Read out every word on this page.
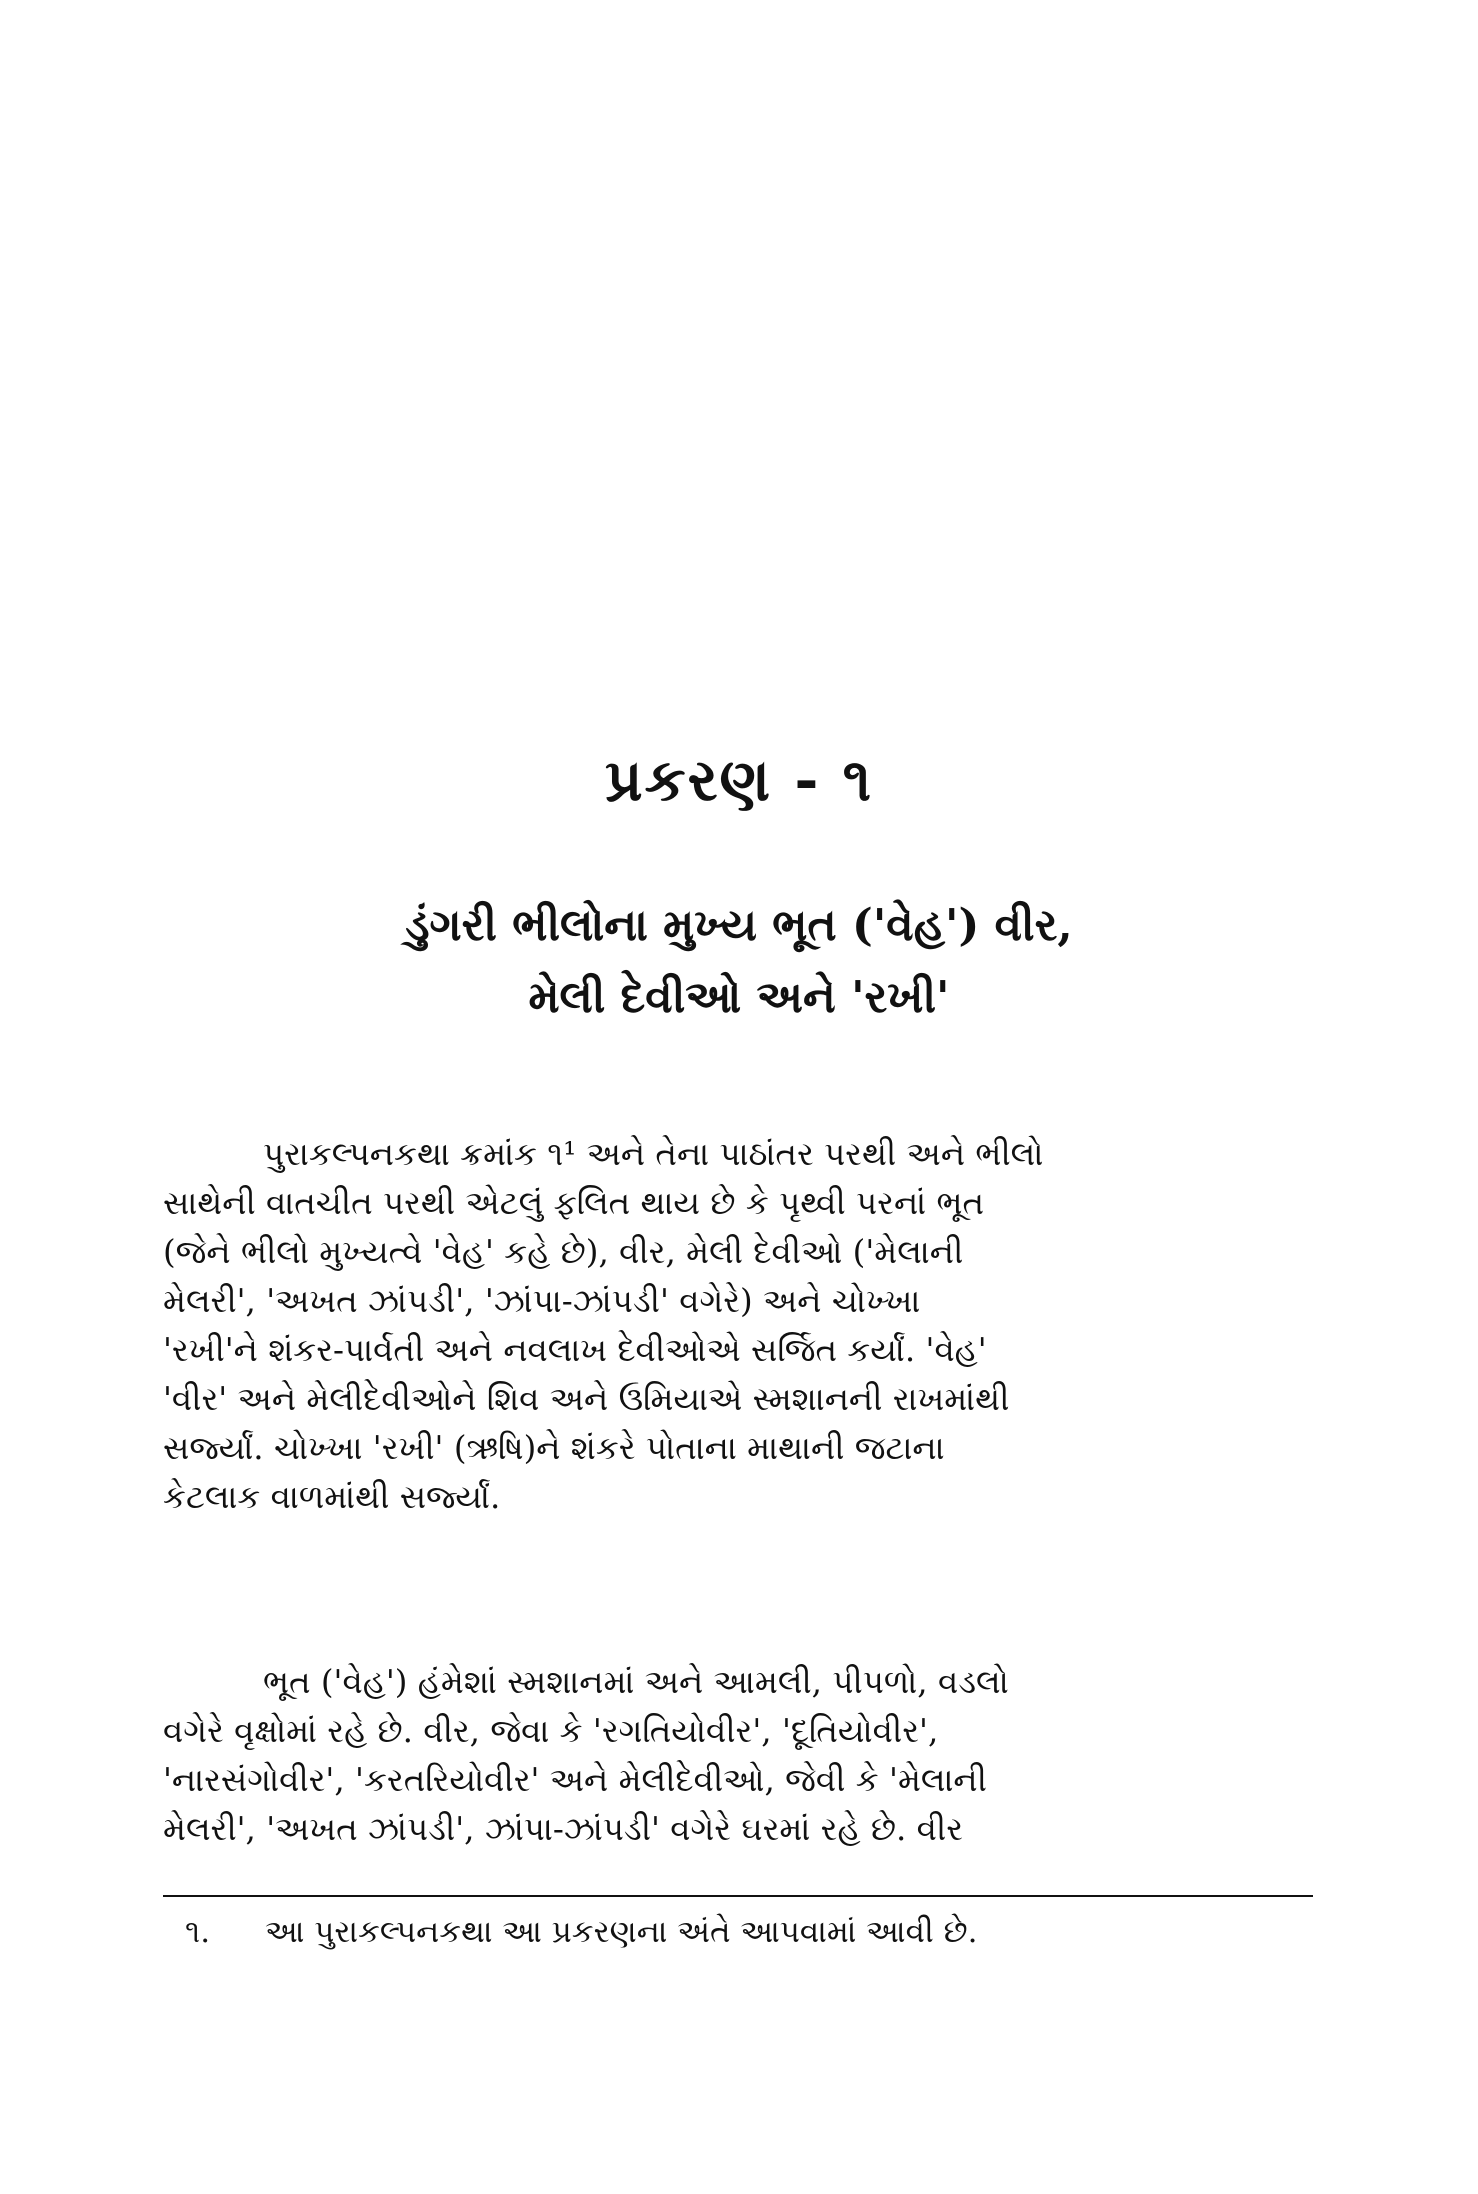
પ્રકરણ - ૧
ડુંગરી ભીલોના મુખ્ય ભૂત ('વેહ') વીર,
મેલી દેવીઓ અને 'રખી'
પુરાકલ્પનકથા ક્રમાંક ૧¹ અને તેના પાઠાંતર પરથી અને ભીલો
સાથેની વાતચીત પરથી એટલું ફલિત થાય છે કે પૃથ્વી પરનાં ભૂત
(જેને ભીલો મુખ્યત્વે 'વેહ' કહે છે), વીર, મેલી દેવીઓ ('મેલાની
મેલરી', 'અખત ઝાંપડી', 'ઝાંપા-ઝાંપડી' વગેરે) અને ચોખ્ખા
'રખી'ને શંકર-પાર્વતી અને નવલાખ દેવીઓએ સર્જિત કર્યાં. 'વેહ'
'વીર' અને મેલીદેવીઓને શિવ અને ઉમિયાએ સ્મશાનની રાખમાંથી
સર્જ્યાં. ચોખ્ખા 'રખી' (ઋષિ)ને શંકરે પોતાના માથાની જટાના
કેટલાક વાળમાંથી સર્જ્યાં.
ભૂત ('વેહ') હંમેશાં સ્મશાનમાં અને આમલી, પીપળો, વડલો
વગેરે વૃક્ષોમાં રહે છે. વીર, જેવા કે 'રગતિયોવીર', 'દૂતિયોવીર',
'નારસંગોવીર', 'કરતરિયોવીર' અને મેલીદેવીઓ, જેવી કે 'મેલાની
મેલરી', 'અખત ઝાંપડી', ઝાંપા-ઝાંપડી' વગેરે ઘરમાં રહે છે. વીર
૧. આ પુરાકલ્પનકથા આ પ્રકરણના અંતે આપવામાં આવી છે.
